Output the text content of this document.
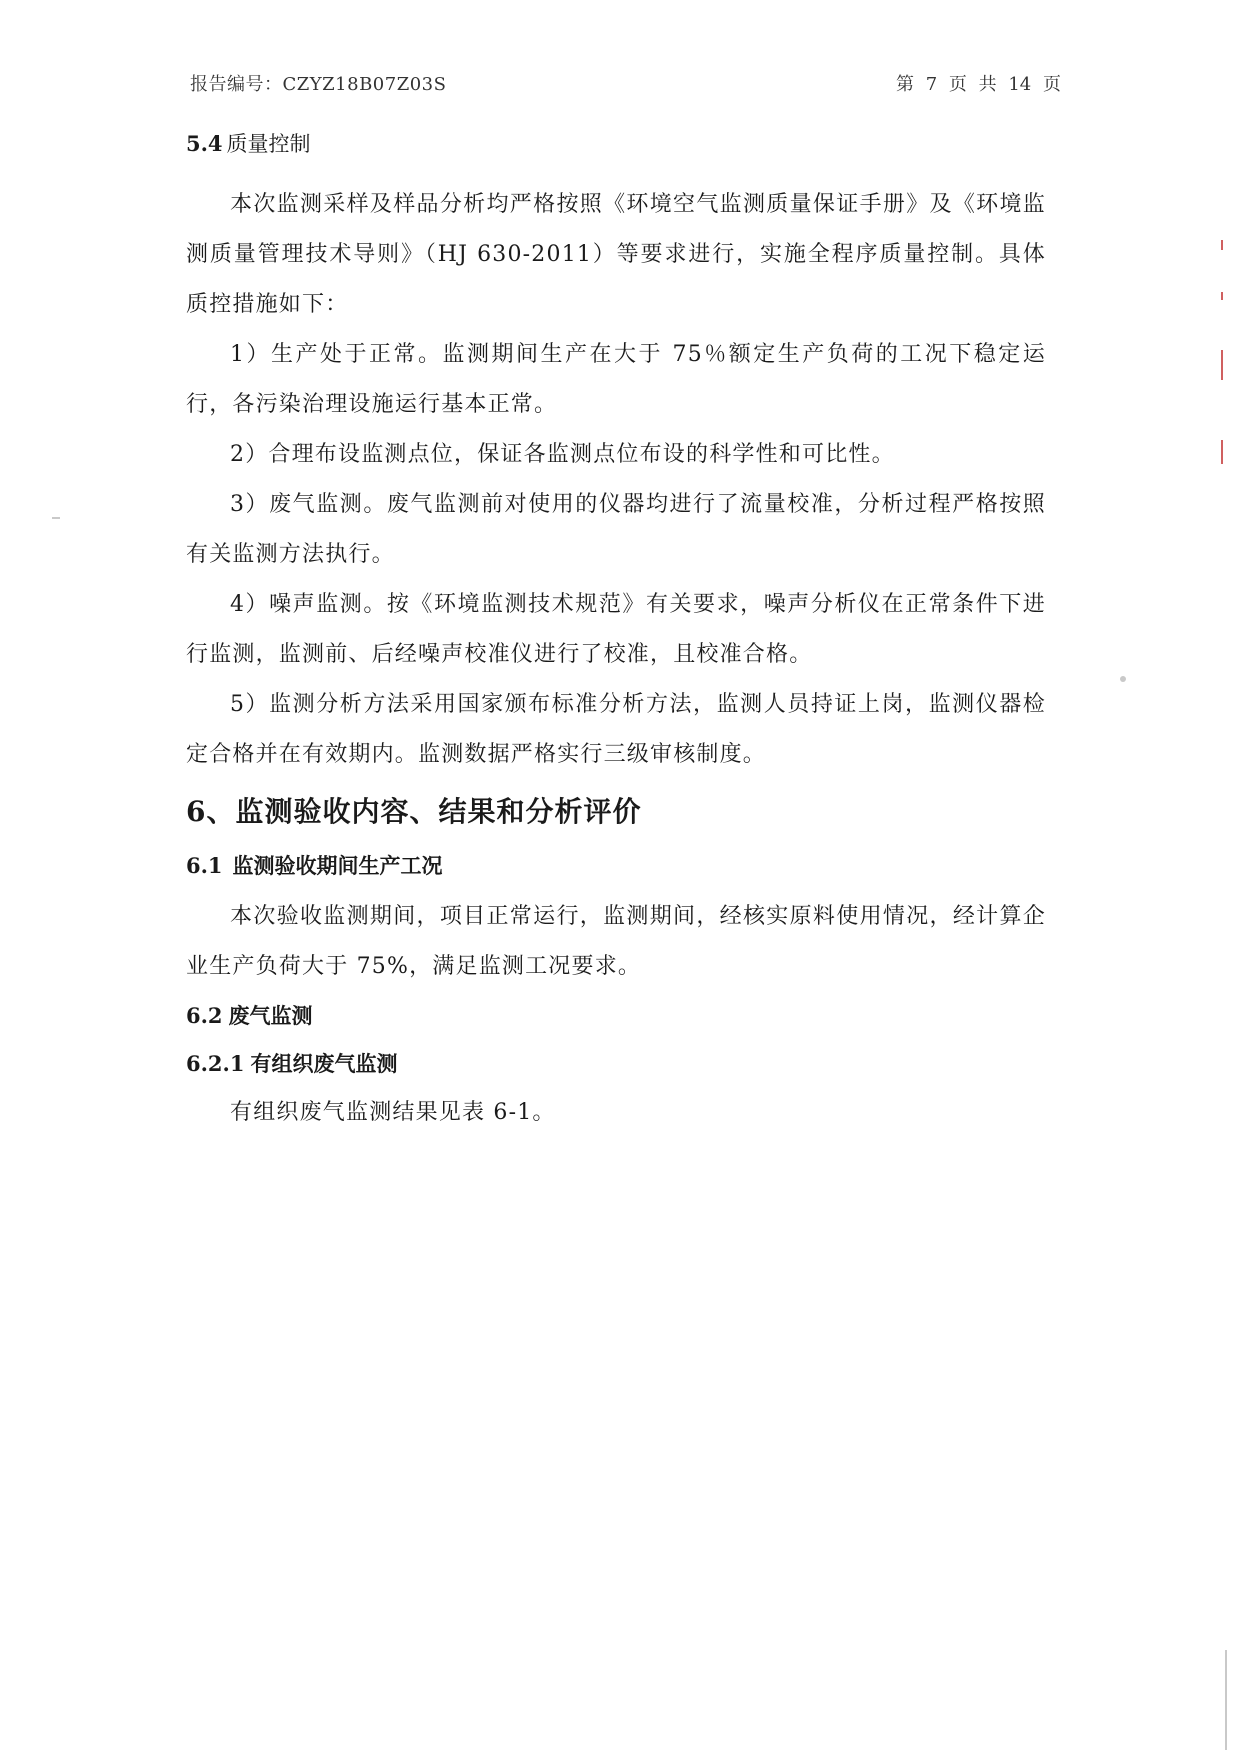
报告编号：CZYZ18B07Z03S	第 7 页 共 14 页
5.4 质量控制

本次监测采样及样品分析均严格按照《环境空气监测质量保证手册》及《环境监测质量管理技术导则》（HJ 630-2011）等要求进行，实施全程序质量控制。具体质控措施如下：

1）生产处于正常。监测期间生产在大于 75％额定生产负荷的工况下稳定运行，各污染治理设施运行基本正常。

2）合理布设监测点位，保证各监测点位布设的科学性和可比性。

3）废气监测。废气监测前对使用的仪器均进行了流量校准，分析过程严格按照有关监测方法执行。

4）噪声监测。按《环境监测技术规范》有关要求，噪声分析仪在正常条件下进行监测，监测前、后经噪声校准仪进行了校准，且校准合格。

5）监测分析方法采用国家颁布标准分析方法，监测人员持证上岗，监测仪器检定合格并在有效期内。监测数据严格实行三级审核制度。

6、监测验收内容、结果和分析评价
6.1 监测验收期间生产工况

本次验收监测期间，项目正常运行，监测期间，经核实原料使用情况，经计算企业生产负荷大于 75%，满足监测工况要求。

6.2 废气监测
6.2.1 有组织废气监测

有组织废气监测结果见表 6-1。
